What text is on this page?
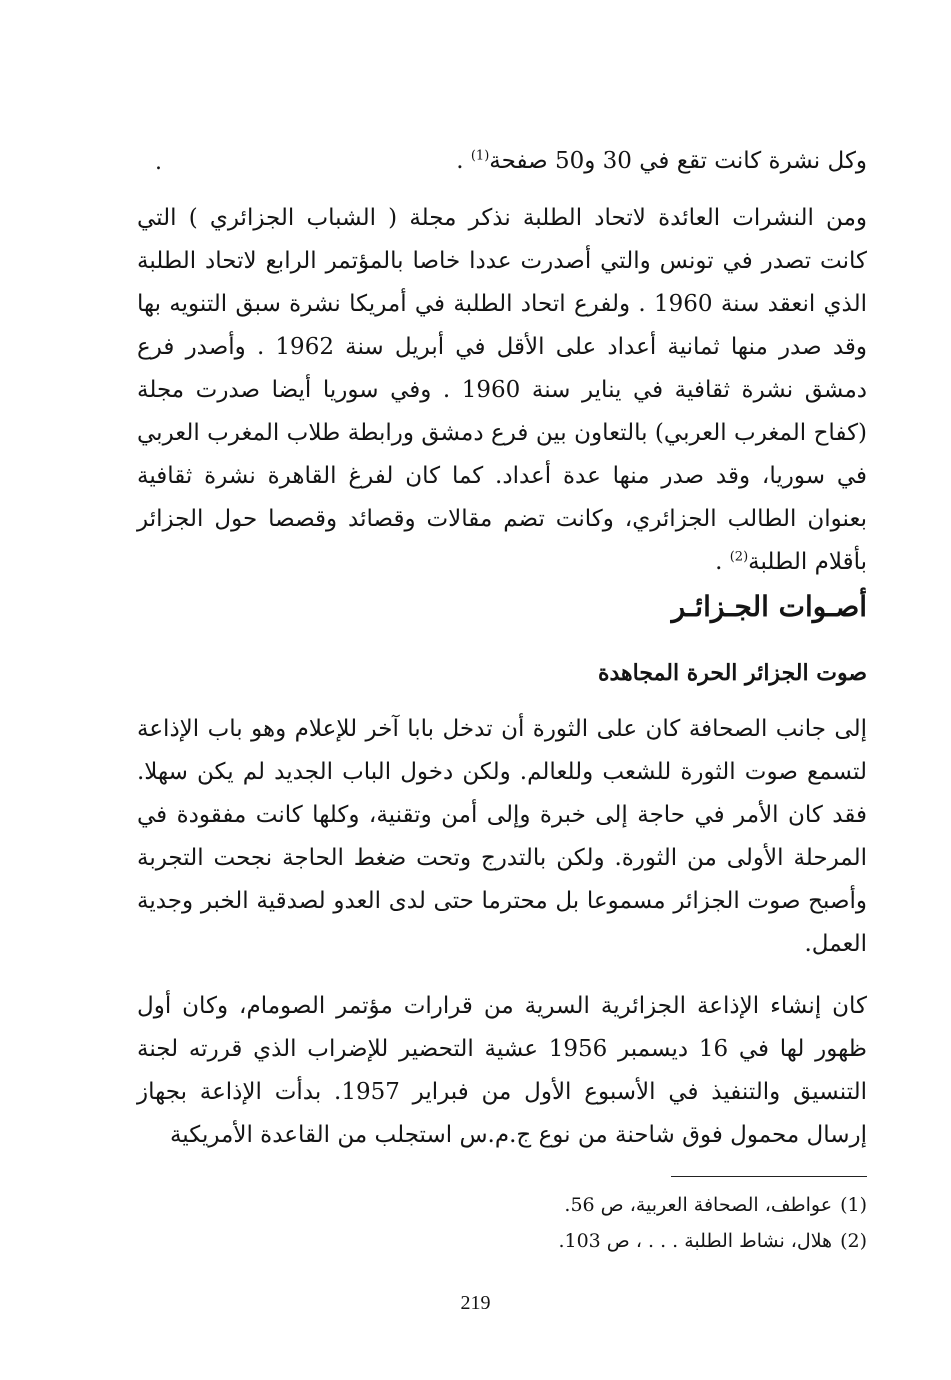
.	وكل نشرة كانت تقع في 30 و50 صفحة$^{(1)}$ .

ومن النشرات العائدة لاتحاد الطلبة نذكر مجلة ( الشباب الجزائري ) التي كانت تصدر في تونس والتي أصدرت عددا خاصا بالمؤتمر الرابع لاتحاد الطلبة الذي انعقد سنة 1960 . ولفرع اتحاد الطلبة في أمريكا نشرة سبق التنويه بها وقد صدر منها ثمانية أعداد على الأقل في أبريل سنة 1962 . وأصدر فرع دمشق نشرة ثقافية في يناير سنة 1960 . وفي سوريا أيضا صدرت مجلة (كفاح المغرب العربي) بالتعاون بين فرع دمشق ورابطة طلاب المغرب العربي في سوريا، وقد صدر منها عدة أعداد. كما كان لفرغ القاهرة نشرة ثقافية بعنوان الطالب الجزائري، وكانت تضم مقالات وقصائد وقصصا حول الجزائر بأقلام الطلبة$^{(2)}$ .

أصـوات الجـزائـر
صوت الجزائر الحرة المجاهدة

إلى جانب الصحافة كان على الثورة أن تدخل بابا آخر للإعلام وهو باب الإذاعة لتسمع صوت الثورة للشعب وللعالم. ولكن دخول الباب الجديد لم يكن سهلا. فقد كان الأمر في حاجة إلى خبرة وإلى أمن وتقنية، وكلها كانت مفقودة في المرحلة الأولى من الثورة. ولكن بالتدرج وتحت ضغط الحاجة نجحت التجربة وأصبح صوت الجزائر مسموعا بل محترما حتى لدى العدو لصدقية الخبر وجدية العمل.

كان إنشاء الإذاعة الجزائرية السرية من قرارات مؤتمر الصومام، وكان أول ظهور لها في 16 ديسمبر 1956 عشية التحضير للإضراب الذي قررته لجنة التنسيق والتنفيذ في الأسبوع الأول من فبراير 1957. بدأت الإذاعة بجهاز إرسال محمول فوق شاحنة من نوع ج.م.س استجلب من القاعدة الأمريكية

(1)عواطف، الصحافة العربية، ص 56.
(2)هلال، نشاط الطلبة . . . ، ص 103.
219
